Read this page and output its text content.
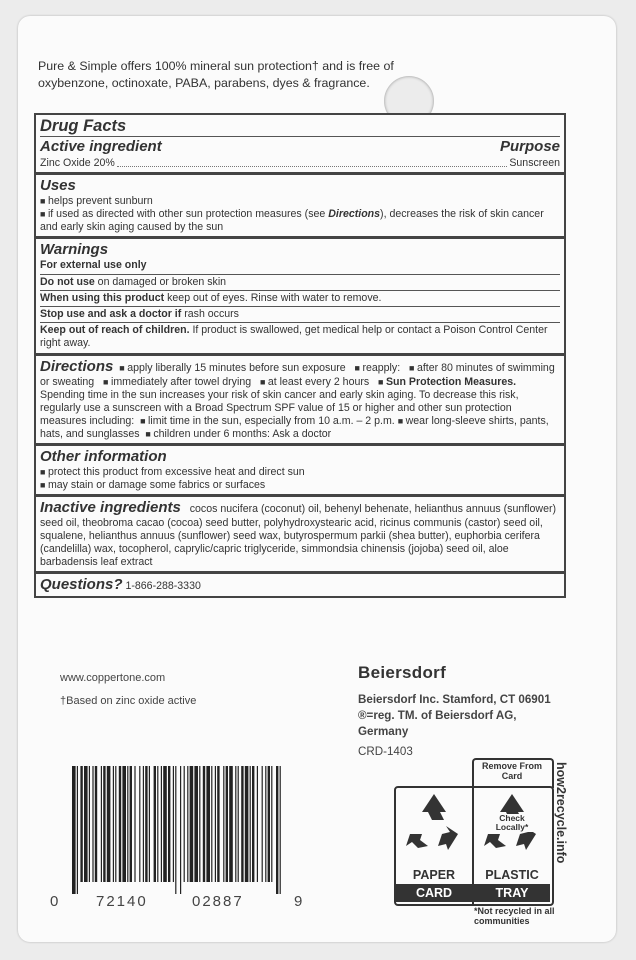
Pure & Simple offers 100% mineral sun protection† and is free of oxybenzone, octinoxate, PABA, parabens, dyes & fragrance.
Drug Facts
Active ingredient	Purpose
Zinc Oxide 20%	Sunscreen
Uses
■ helps prevent sunburn
■ if used as directed with other sun protection measures (see Directions), decreases the risk of skin cancer and early skin aging caused by the sun
Warnings
For external use only
Do not use on damaged or broken skin
When using this product keep out of eyes. Rinse with water to remove.
Stop use and ask a doctor if rash occurs
Keep out of reach of children. If product is swallowed, get medical help or contact a Poison Control Center right away.
Directions ■ apply liberally 15 minutes before sun exposure ■ reapply: ■ after 80 minutes of swimming or sweating ■ immediately after towel drying ■ at least every 2 hours   ■ Sun Protection Measures. Spending time in the sun increases your risk of skin cancer and early skin aging. To decrease this risk, regularly use a sunscreen with a Broad Spectrum SPF value of 15 or higher and other sun protection measures including: ■ limit time in the sun, especially from 10 a.m. – 2 p.m. ■ wear long-sleeve shirts, pants, hats, and sunglasses ■ children under 6 months: Ask a doctor
Other information
■ protect this product from excessive heat and direct sun
■ may stain or damage some fabrics or surfaces
Inactive ingredients cocos nucifera (coconut) oil, behenyl behenate, helianthus annuus (sunflower) seed oil, theobroma cacao (cocoa) seed butter, polyhydroxystearic acid, ricinus communis (castor) seed oil, squalene, helianthus annuus (sunflower) seed wax, butyrospermum parkii (shea butter), euphorbia cerifera (candelilla) wax, tocopherol, caprylic/capric triglyceride, simmondsia chinensis (jojoba) seed oil, aloe barbadensis leaf extract
Questions? 1-866-288-3330
www.coppertone.com
†Based on zinc oxide active
Beiersdorf
Beiersdorf Inc. Stamford, CT 06901
®=reg. TM. of Beiersdorf AG,
Germany
CRD-1403
0	72140	02887	9
Remove From Card
Check Locally*
PAPER
CARD
PLASTIC
TRAY
how2recycle.info
*Not recycled in all communities
